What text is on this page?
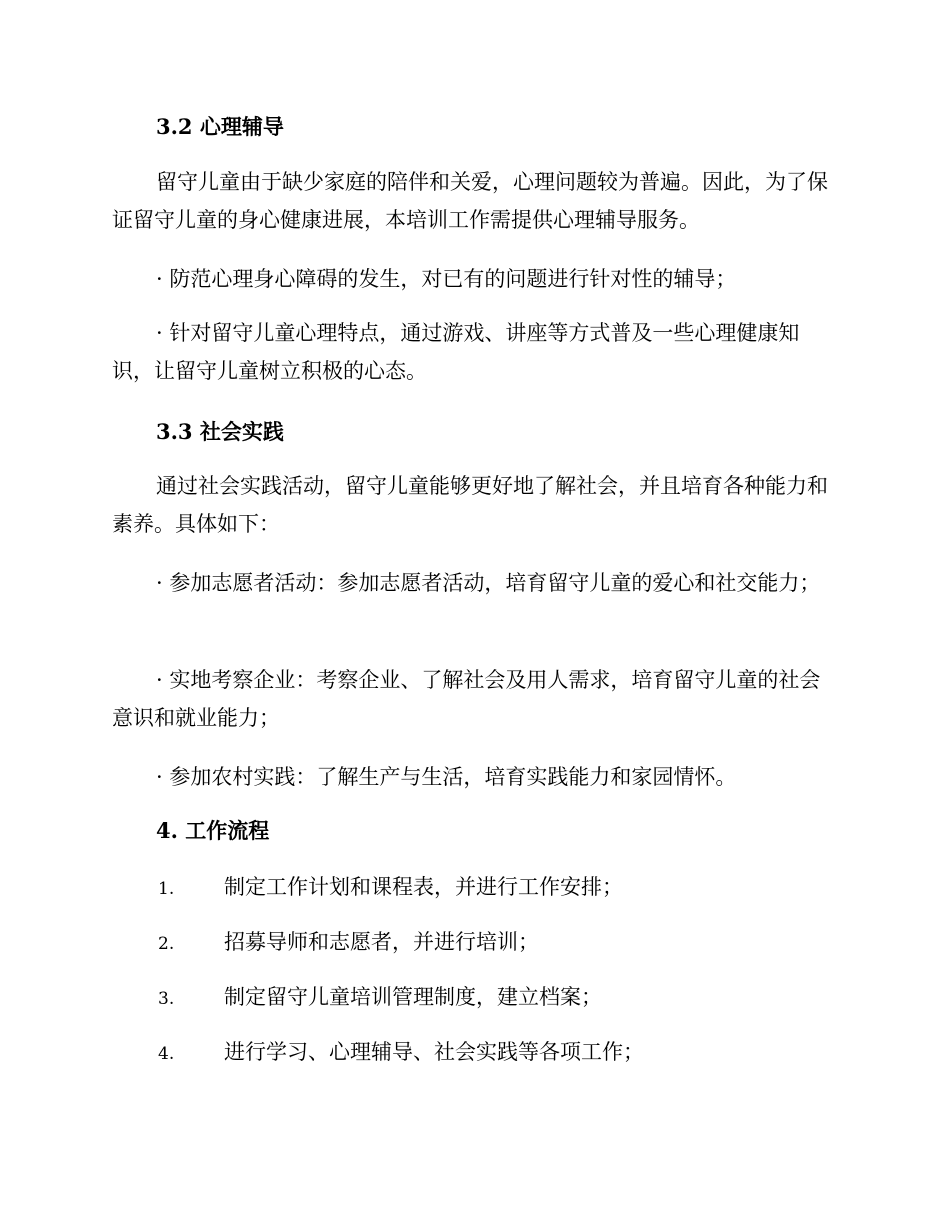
3.2 心理辅导

留守儿童由于缺少家庭的陪伴和关爱，心理问题较为普遍。因此，为了保证留守儿童的身心健康进展，本培训工作需提供心理辅导服务。

· 防范心理身心障碍的发生，对已有的问题进行针对性的辅导；

· 针对留守儿童心理特点，通过游戏、讲座等方式普及一些心理健康知识，让留守儿童树立积极的心态。

3.3 社会实践

通过社会实践活动，留守儿童能够更好地了解社会，并且培育各种能力和素养。具体如下：

· 参加志愿者活动：参加志愿者活动，培育留守儿童的爱心和社交能力；

· 实地考察企业：考察企业、了解社会及用人需求，培育留守儿童的社会意识和就业能力；

· 参加农村实践：了解生产与生活，培育实践能力和家园情怀。

4. 工作流程
1. 制定工作计划和课程表，并进行工作安排；
2. 招募导师和志愿者，并进行培训；
3. 制定留守儿童培训管理制度，建立档案；
4. 进行学习、心理辅导、社会实践等各项工作；
